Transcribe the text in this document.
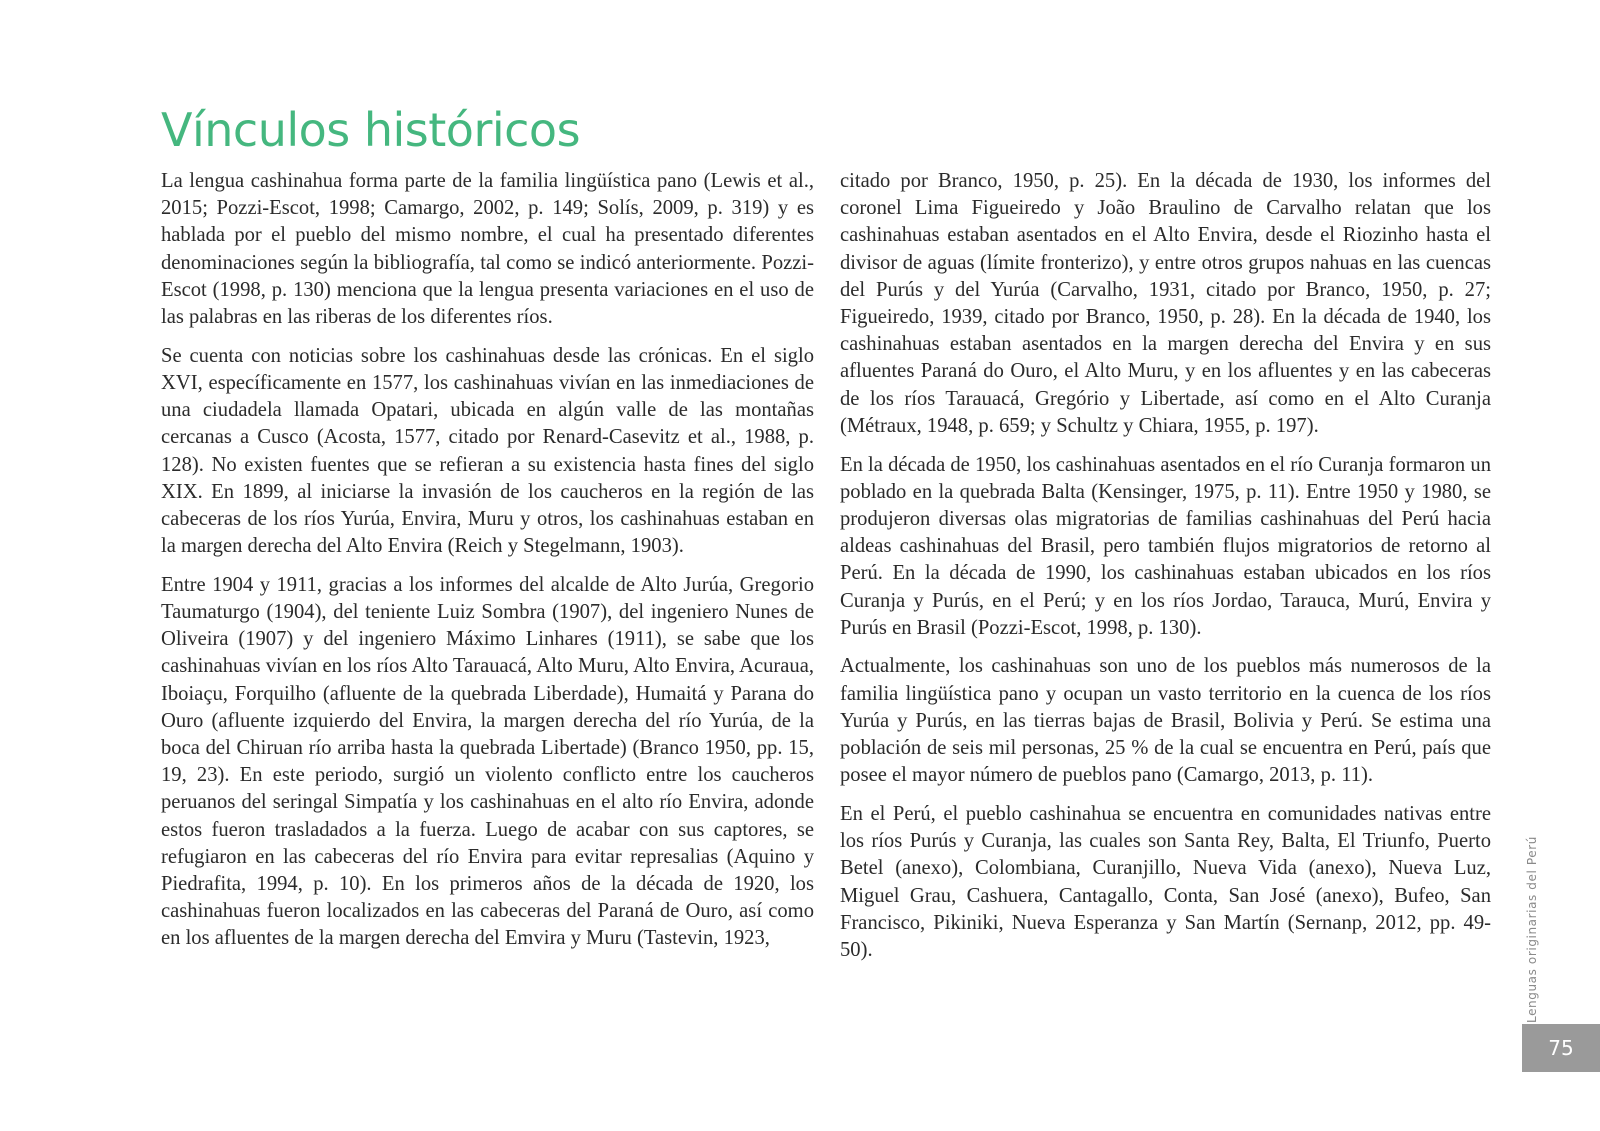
Vínculos históricos

La lengua cashinahua forma parte de la familia lingüística pano (Lewis et al., 2015; Pozzi-Escot, 1998; Camargo, 2002, p. 149; Solís, 2009, p. 319) y es hablada por el pueblo del mismo nombre, el cual ha presentado diferentes denominaciones según la bibliografía, tal como se indicó anteriormente. Pozzi-Escot (1998, p. 130) menciona que la lengua presenta variaciones en el uso de las palabras en las riberas de los diferentes ríos.

Se cuenta con noticias sobre los cashinahuas desde las crónicas. En el siglo XVI, específicamente en 1577, los cashinahuas vivían en las inmediaciones de una ciudadela llamada Opatari, ubicada en algún valle de las montañas cercanas a Cusco (Acosta, 1577, citado por Renard-Casevitz et al., 1988, p. 128). No existen fuentes que se refieran a su existencia hasta fines del siglo XIX. En 1899, al iniciarse la invasión de los caucheros en la región de las cabeceras de los ríos Yurúa, Envira, Muru y otros, los cashinahuas estaban en la margen derecha del Alto Envira (Reich y Stegelmann, 1903).

Entre 1904 y 1911, gracias a los informes del alcalde de Alto Jurúa, Gregorio Taumaturgo (1904), del teniente Luiz Sombra (1907), del ingeniero Nunes de Oliveira (1907) y del ingeniero Máximo Linhares (1911), se sabe que los cashinahuas vivían en los ríos Alto Tarauacá, Alto Muru, Alto Envira, Acuraua, Iboiaçu, Forquilho (afluente de la quebrada Liberdade), Humaitá y Parana do Ouro (afluente izquierdo del Envira, la margen derecha del río Yurúa, de la boca del Chiruan río arriba hasta la quebrada Libertade) (Branco 1950, pp. 15, 19, 23). En este periodo, surgió un violento conflicto entre los caucheros peruanos del seringal Simpatía y los cashinahuas en el alto río Envira, adonde estos fueron trasladados a la fuerza. Luego de acabar con sus captores, se refugiaron en las cabeceras del río Envira para evitar represalias (Aquino y Piedrafita, 1994, p. 10). En los primeros años de la década de 1920, los cashinahuas fueron localizados en las cabeceras del Paraná de Ouro, así como en los afluentes de la margen derecha del Emvira y Muru (Tastevin, 1923,

citado por Branco, 1950, p. 25). En la década de 1930, los informes del coronel Lima Figueiredo y João Braulino de Carvalho relatan que los cashinahuas estaban asentados en el Alto Envira, desde el Riozinho hasta el divisor de aguas (límite fronterizo), y entre otros grupos nahuas en las cuencas del Purús y del Yurúa (Carvalho, 1931, citado por Branco, 1950, p. 27; Figueiredo, 1939, citado por Branco, 1950, p. 28). En la década de 1940, los cashinahuas estaban asentados en la margen derecha del Envira y en sus afluentes Paraná do Ouro, el Alto Muru, y en los afluentes y en las cabeceras de los ríos Tarauacá, Gregório y Libertade, así como en el Alto Curanja (Métraux, 1948, p. 659; y Schultz y Chiara, 1955, p. 197).

En la década de 1950, los cashinahuas asentados en el río Curanja formaron un poblado en la quebrada Balta (Kensinger, 1975, p. 11). Entre 1950 y 1980, se produjeron diversas olas migratorias de familias cashinahuas del Perú hacia aldeas cashinahuas del Brasil, pero también flujos migratorios de retorno al Perú. En la década de 1990, los cashinahuas estaban ubicados en los ríos Curanja y Purús, en el Perú; y en los ríos Jordao, Tarauca, Murú, Envira y Purús en Brasil (Pozzi-Escot, 1998, p. 130).

Actualmente, los cashinahuas son uno de los pueblos más numerosos de la familia lingüística pano y ocupan un vasto territorio en la cuenca de los ríos Yurúa y Purús, en las tierras bajas de Brasil, Bolivia y Perú. Se estima una población de seis mil personas, 25 % de la cual se encuentra en Perú, país que posee el mayor número de pueblos pano (Camargo, 2013, p. 11).

En el Perú, el pueblo cashinahua se encuentra en comunidades nativas entre los ríos Purús y Curanja, las cuales son Santa Rey, Balta, El Triunfo, Puerto Betel (anexo), Colombiana, Curanjillo, Nueva Vida (anexo), Nueva Luz, Miguel Grau, Cashuera, Cantagallo, Conta, San José (anexo), Bufeo, San Francisco, Pikiniki, Nueva Esperanza y San Martín (Sernanp, 2012, pp. 49-50).	Lenguas originarias del Perú
75
